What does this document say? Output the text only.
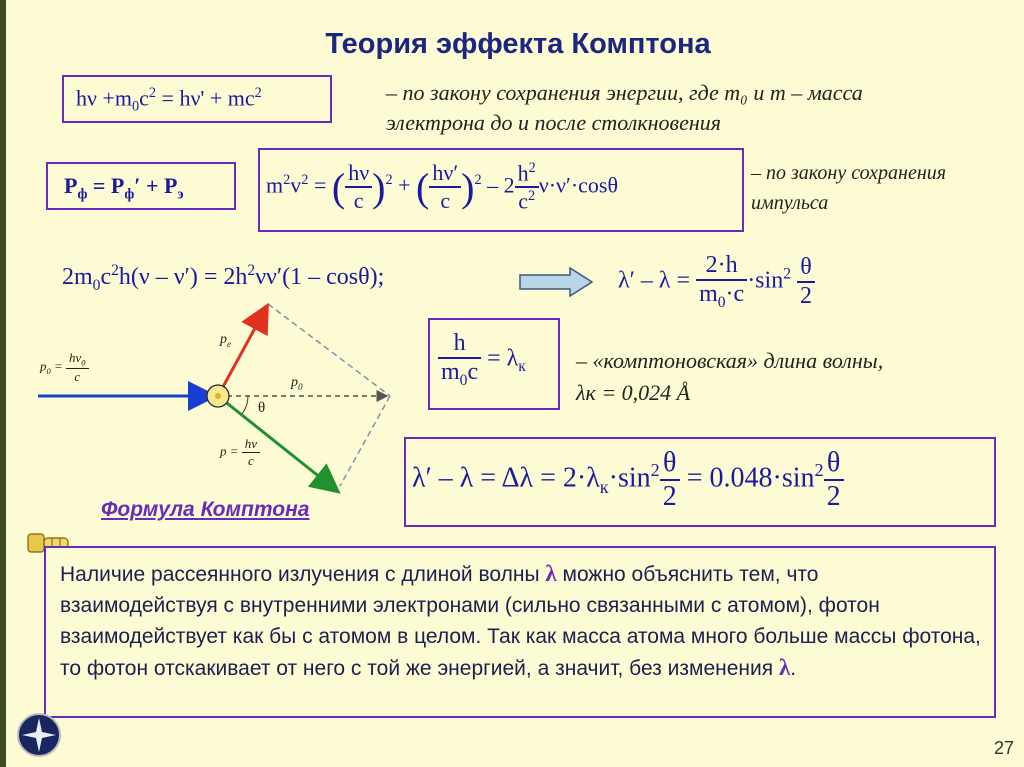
Теория эффекта Комптона
$h\nu +m_0c^2 = h\nu' + mc^2$	– по закону сохранения энергии, где m₀ и m – масса электрона до и после столкновения
$P_ф = P_ф' + P_э$	$m^2v^2$ = ( $\frac{h\nu}{c} )^2$ + ( $\frac{h\nu'}{c} )^2 - 2 \frac{h^2}{c^2} \nu\cdot\nu'\cdot\cos\theta$	– по закону сохранения импульса
$2m_0c^2h(\nu - \nu') = 2h^2\nu\nu'(1 - \cos\theta)$;	$\lambda' - \lambda = \frac{2\cdot h}{m_0\cdot c} \cdot\sin^2 \frac{\theta}{2}$
$\frac{h}{m_0c} = \lambda_к$ – «комптоновская» длина волны,
λк = 0,024 Å
$p_0 = \frac{h\nu_0}{c}$
$p_e$
$p_0$
θ
$p = \frac{h\nu}{c}$
$\lambda' - \lambda = \Delta\lambda = 2\cdot\lambda_к\cdot\sin^2 \frac{\theta}{2} = 0.048\cdot\sin^2 \frac{\theta}{2}$
Формула Комптона
Наличие рассеянного излучения с длиной волны λ можно объяснить тем, что взаимодействуя с внутренними электронами (сильно связанными с атомом), фотон взаимодействует как бы с атомом в целом. Так как масса атома много больше массы фотона, то фотон отскакивает от него с той же энергией, а значит, без изменения λ.
27
